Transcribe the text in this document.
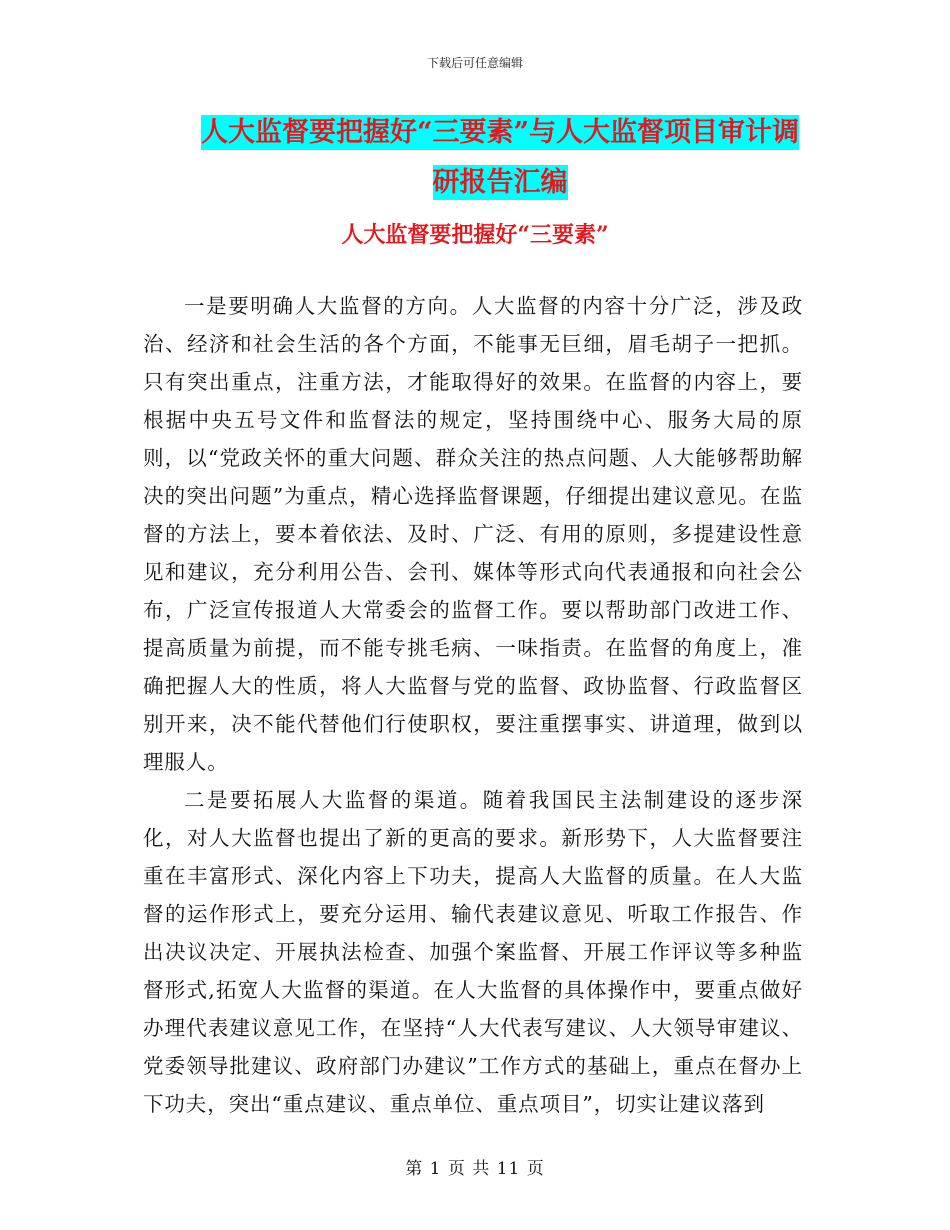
下载后可任意编辑
人大监督要把握好“三要素”与人大监督项目审计调
研报告汇编
人大监督要把握好“三要素”

一是要明确人大监督的方向。人大监督的内容十分广泛，涉及政治、经济和社会生活的各个方面，不能事无巨细，眉毛胡子一把抓。只有突出重点，注重方法，才能取得好的效果。在监督的内容上，要根据中央五号文件和监督法的规定，坚持围绕中心、服务大局的原则，以“党政关怀的重大问题、群众关注的热点问题、人大能够帮助解决的突出问题”为重点，精心选择监督课题，仔细提出建议意见。在监督的方法上，要本着依法、及时、广泛、有用的原则，多提建设性意见和建议，充分利用公告、会刊、媒体等形式向代表通报和向社会公布，广泛宣传报道人大常委会的监督工作。要以帮助部门改进工作、提高质量为前提，而不能专挑毛病、一味指责。在监督的角度上，准确把握人大的性质，将人大监督与党的监督、政协监督、行政监督区别开来，决不能代替他们行使职权，要注重摆事实、讲道理，做到以理服人。

二是要拓展人大监督的渠道。随着我国民主法制建设的逐步深化，对人大监督也提出了新的更高的要求。新形势下，人大监督要注重在丰富形式、深化内容上下功夫，提高人大监督的质量。在人大监督的运作形式上，要充分运用、输代表建议意见、听取工作报告、作出决议决定、开展执法检查、加强个案监督、开展工作评议等多种监督形式,拓宽人大监督的渠道。在人大监督的具体操作中，要重点做好办理代表建议意见工作，在坚持“人大代表写建议、人大领导审建议、党委领导批建议、政府部门办建议”工作方式的基础上，重点在督办上下功夫，突出“重点建议、重点单位、重点项目”，切实让建议落到

第 1 页 共 11 页
